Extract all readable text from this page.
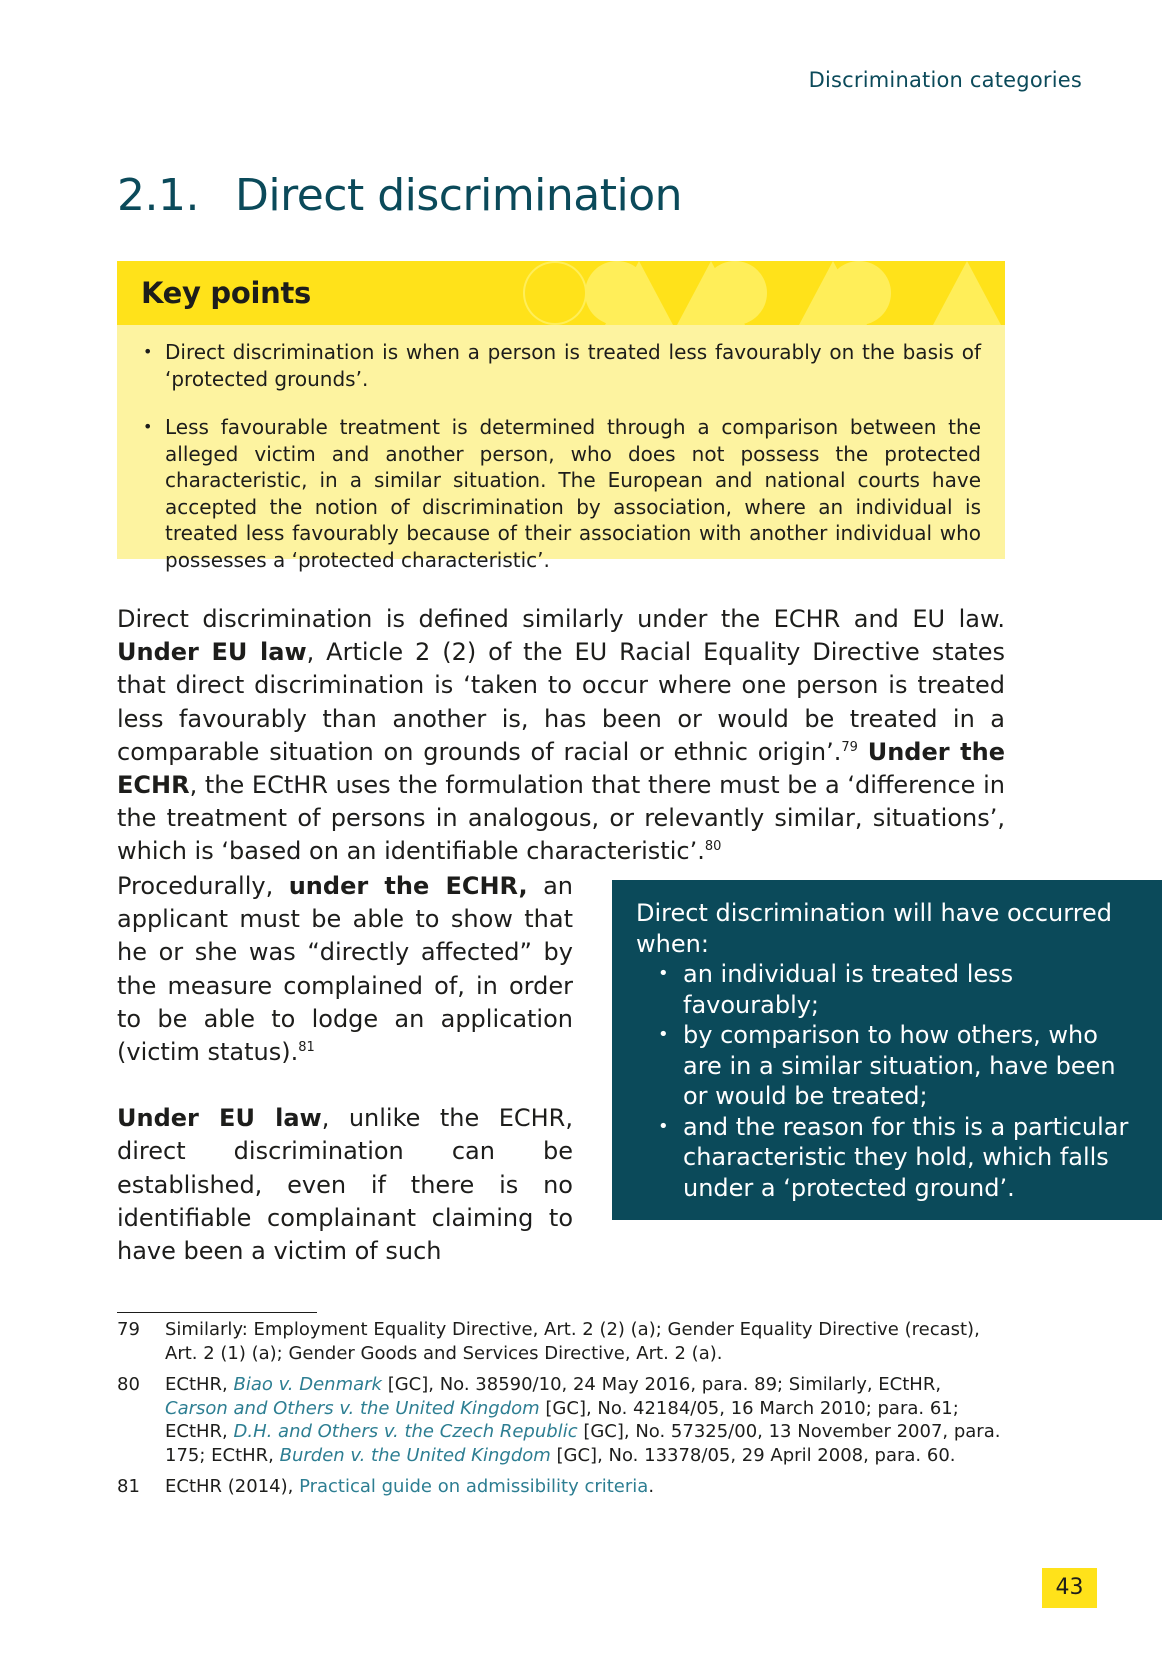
Discrimination categories
2.1. Direct discrimination
Key points
• Direct discrimination is when a person is treated less favourably on the basis of ‘protected grounds’.
• Less favourable treatment is determined through a comparison between the alleged victim and another person, who does not possess the protected characteristic, in a similar situation. The European and national courts have accepted the notion of discrimination by association, where an individual is treated less favourably because of their association with another individual who possesses a ‘protected characteristic’.

Direct discrimination is defined similarly under the ECHR and EU law. Under EU law, Article 2 (2) of the EU Racial Equality Directive states that direct discrimination is ‘taken to occur where one person is treated less favourably than another is, has been or would be treated in a comparable situation on grounds of racial or ethnic origin’.$^{79}$ Under the ECHR, the ECtHR uses the formulation that there must be a ‘difference in the treatment of persons in analogous, or relevantly similar, situations’, which is ‘based on an identifiable characteristic’.$^{80}$

Procedurally, under the ECHR, an applicant must be able to show that he or she was “directly affected” by the measure complained of, in order to be able to lodge an application (victim status).$^{81}$

Under EU law, unlike the ECHR, direct discrimination can be established, even if there is no identifiable complainant claiming to have been a victim of such

Direct discrimination will have occurred when:

• an individual is treated less favourably;
• by comparison to how others, who are in a similar situation, have been or would be treated;
• and the reason for this is a particular characteristic they hold, which falls under a ‘protected ground’.
79 Similarly: Employment Equality Directive, Art. 2 (2) (a); Gender Equality Directive (recast), Art. 2 (1) (a); Gender Goods and Services Directive, Art. 2 (a).
80 ECtHR, Biao v. Denmark [GC], No. 38590/10, 24 May 2016, para. 89; Similarly, ECtHR, Carson and Others v. the United Kingdom [GC], No. 42184/05, 16 March 2010; para. 61; ECtHR, D.H. and Others v. the Czech Republic [GC], No. 57325/00, 13 November 2007, para. 175; ECtHR, Burden v. the United Kingdom [GC], No. 13378/05, 29 April 2008, para. 60.
81 ECtHR (2014), Practical guide on admissibility criteria.
43
